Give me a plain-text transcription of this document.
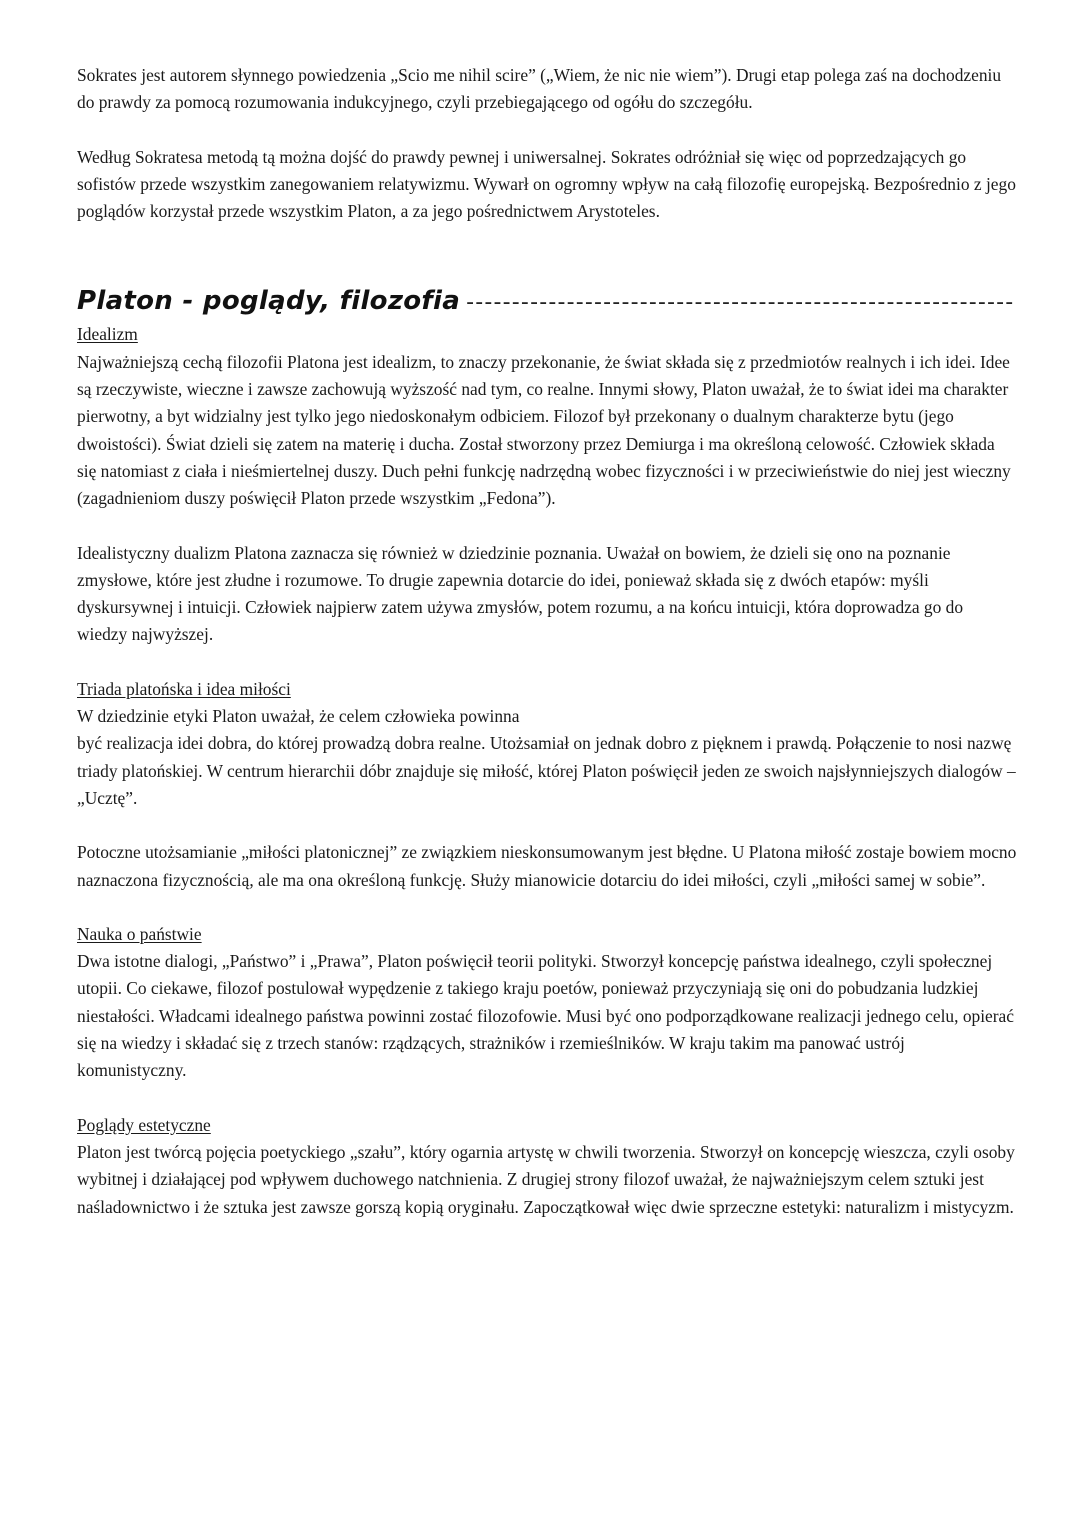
Sokrates jest autorem słynnego powiedzenia „Scio me nihil scire” („Wiem, że nic nie wiem”). Drugi etap polega zaś na dochodzeniu do prawdy za pomocą rozumowania indukcyjnego, czyli przebiegającego od ogółu do szczegółu.

Według Sokratesa metodą tą można dojść do prawdy pewnej i uniwersalnej. Sokrates odróżniał się więc od poprzedzających go sofistów przede wszystkim zanegowaniem relatywizmu. Wywarł on ogromny wpływ na całą filozofię europejską. Bezpośrednio z jego poglądów korzystał przede wszystkim Platon, a za jego pośrednictwem Arystoteles.

Platon - poglądy, filozofia ------------------------------------------------------------

Idealizm

Najważniejszą cechą filozofii Platona jest idealizm, to znaczy przekonanie, że świat składa się z przedmiotów realnych i ich idei. Idee są rzeczywiste, wieczne i zawsze zachowują wyższość nad tym, co realne. Innymi słowy, Platon uważał, że to świat idei ma charakter pierwotny, a byt widzialny jest tylko jego niedoskonałym odbiciem. Filozof był przekonany o dualnym charakterze bytu (jego dwoistości). Świat dzieli się zatem na materię i ducha. Został stworzony przez Demiurga i ma określoną celowość. Człowiek składa się natomiast z ciała i nieśmiertelnej duszy. Duch pełni funkcję nadrzędną wobec fizyczności i w przeciwieństwie do niej jest wieczny (zagadnieniom duszy poświęcił Platon przede wszystkim „Fedona”).

Idealistyczny dualizm Platona zaznacza się również w dziedzinie poznania. Uważał on bowiem, że dzieli się ono na poznanie zmysłowe, które jest złudne i rozumowe. To drugie zapewnia dotarcie do idei, ponieważ składa się z dwóch etapów: myśli dyskursywnej i intuicji. Człowiek najpierw zatem używa zmysłów, potem rozumu, a na końcu intuicji, która doprowadza go do wiedzy najwyższej.

Triada platońska i idea miłości

W dziedzinie etyki Platon uważał, że celem człowieka powinna

być realizacja idei dobra, do której prowadzą dobra realne. Utożsamiał on jednak dobro z pięknem i prawdą. Połączenie to nosi nazwę triady platońskiej. W centrum hierarchii dóbr znajduje się miłość, której Platon poświęcił jeden ze swoich najsłynniejszych dialogów – „Ucztę”.

Potoczne utożsamianie „miłości platonicznej” ze związkiem nieskonsumowanym jest błędne. U Platona miłość zostaje bowiem mocno naznaczona fizycznością, ale ma ona określoną funkcję. Służy mianowicie dotarciu do idei miłości, czyli „miłości samej w sobie”.

Nauka o państwie

Dwa istotne dialogi, „Państwo” i „Prawa”, Platon poświęcił teorii polityki. Stworzył koncepcję państwa idealnego, czyli społecznej utopii. Co ciekawe, filozof postulował wypędzenie z takiego kraju poetów, ponieważ przyczyniają się oni do pobudzania ludzkiej niestałości. Władcami idealnego państwa powinni zostać filozofowie. Musi być ono podporządkowane realizacji jednego celu, opierać się na wiedzy i składać się z trzech stanów: rządzących, strażników i rzemieślników. W kraju takim ma panować ustrój komunistyczny.

Poglądy estetyczne

Platon jest twórcą pojęcia poetyckiego „szału”, który ogarnia artystę w chwili tworzenia. Stworzył on koncepcję wieszcza, czyli osoby wybitnej i działającej pod wpływem duchowego natchnienia. Z drugiej strony filozof uważał, że najważniejszym celem sztuki jest naśladownictwo i że sztuka jest zawsze gorszą kopią oryginału. Zapoczątkował więc dwie sprzeczne estetyki: naturalizm i mistycyzm.
